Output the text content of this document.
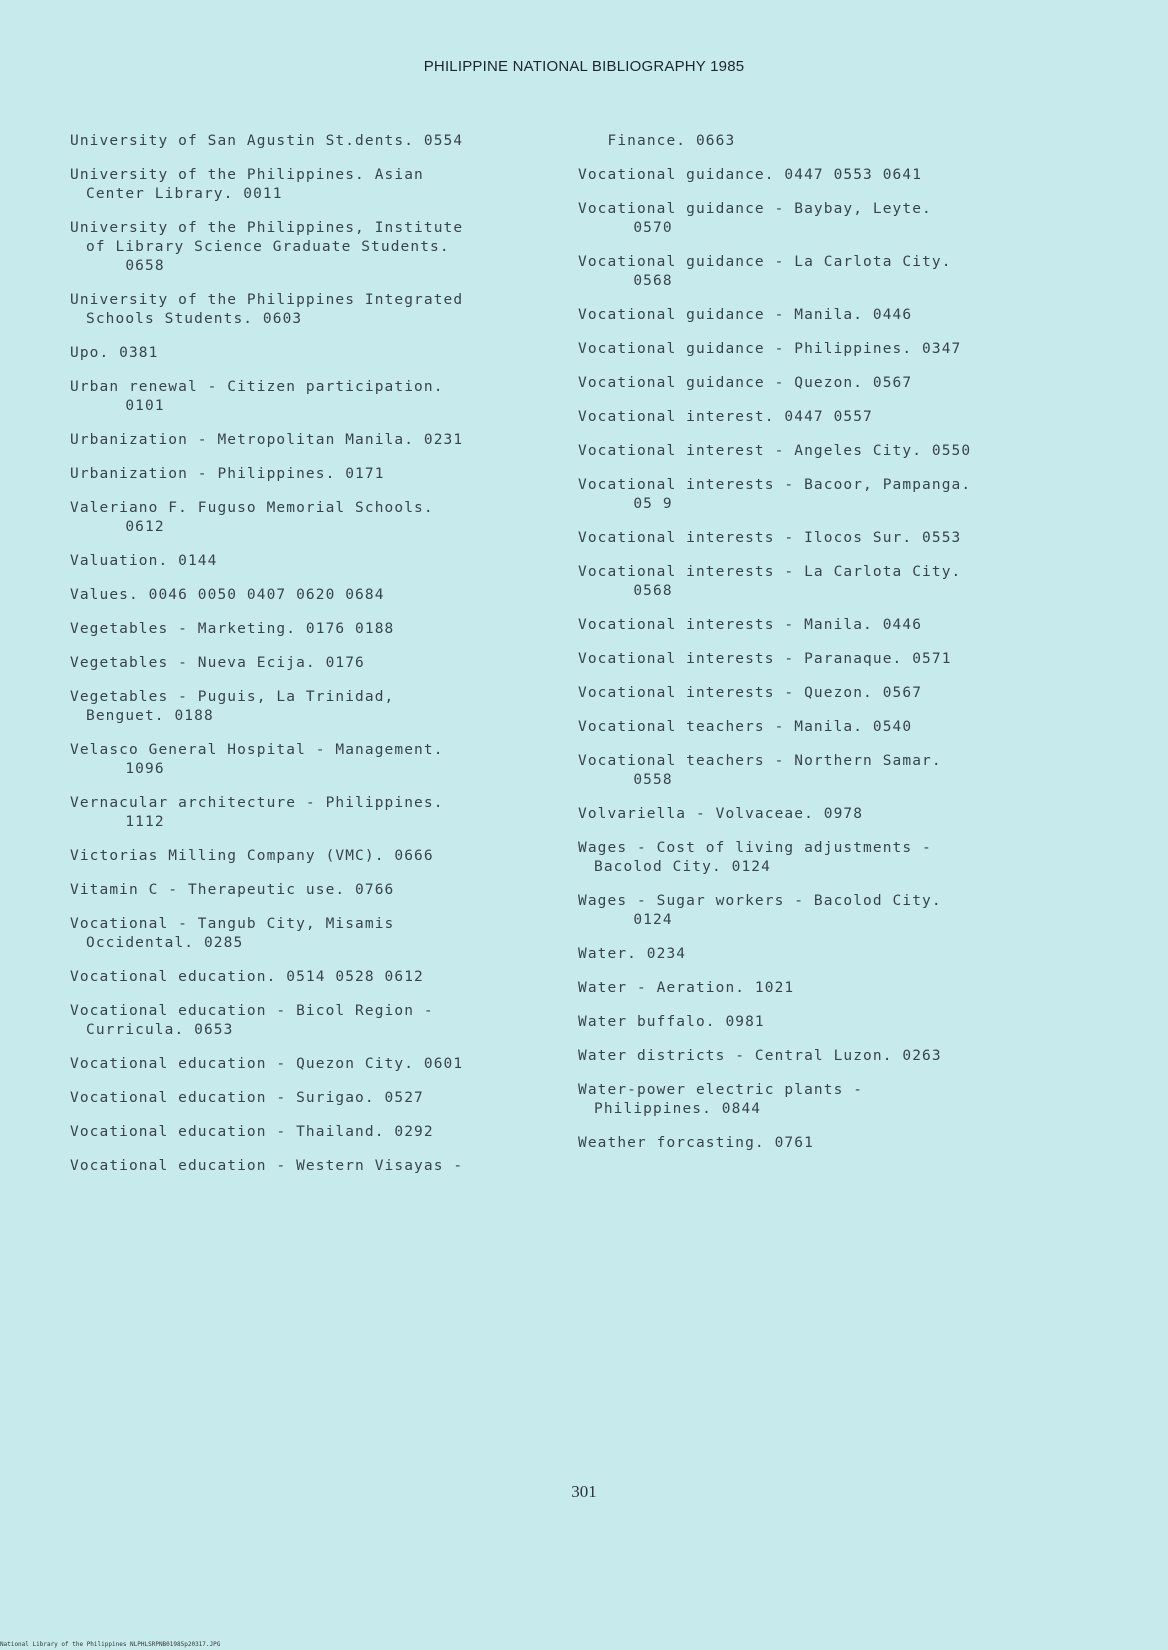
PHILIPPINE NATIONAL BIBLIOGRAPHY 1985
University of San Agustin St.dents. 0554
University of the Philippines. Asian
Center Library. 0011
University of the Philippines, Institute
of Library Science Graduate Students.
0658
University of the Philippines Integrated
Schools Students. 0603
Upo. 0381
Urban renewal - Citizen participation.
0101
Urbanization - Metropolitan Manila. 0231
Urbanization - Philippines. 0171
Valeriano F. Fuguso Memorial Schools.
0612
Valuation. 0144
Values. 0046 0050 0407 0620 0684
Vegetables - Marketing. 0176 0188
Vegetables - Nueva Ecija. 0176
Vegetables - Puguis, La Trinidad,
Benguet. 0188
Velasco General Hospital - Management.
1096
Vernacular architecture - Philippines.
1112
Victorias Milling Company (VMC). 0666
Vitamin C - Therapeutic use. 0766
Vocational - Tangub City, Misamis
Occidental. 0285
Vocational education. 0514 0528 0612
Vocational education - Bicol Region -
Curricula. 0653
Vocational education - Quezon City. 0601
Vocational education - Surigao. 0527
Vocational education - Thailand. 0292
Vocational education - Western Visayas -
Finance. 0663
Vocational guidance. 0447 0553 0641
Vocational guidance - Baybay, Leyte.
0570
Vocational guidance - La Carlota City.
0568
Vocational guidance - Manila. 0446
Vocational guidance - Philippines. 0347
Vocational guidance - Quezon. 0567
Vocational interest. 0447 0557
Vocational interest - Angeles City. 0550
Vocational interests - Bacoor, Pampanga.
05 9
Vocational interests - Ilocos Sur. 0553
Vocational interests - La Carlota City.
0568
Vocational interests - Manila. 0446
Vocational interests - Paranaque. 0571
Vocational interests - Quezon. 0567
Vocational teachers - Manila. 0540
Vocational teachers - Northern Samar.
0558
Volvariella - Volvaceae. 0978
Wages - Cost of living adjustments -
Bacolod City. 0124
Wages - Sugar workers - Bacolod City.
0124
Water. 0234
Water - Aeration. 1021
Water buffalo. 0981
Water districts - Central Luzon. 0263
Water-power electric plants -
Philippines. 0844
Weather forcasting. 0761
301
National Library of the Philippines NLPHLSRPNB01985p20317.JPG
